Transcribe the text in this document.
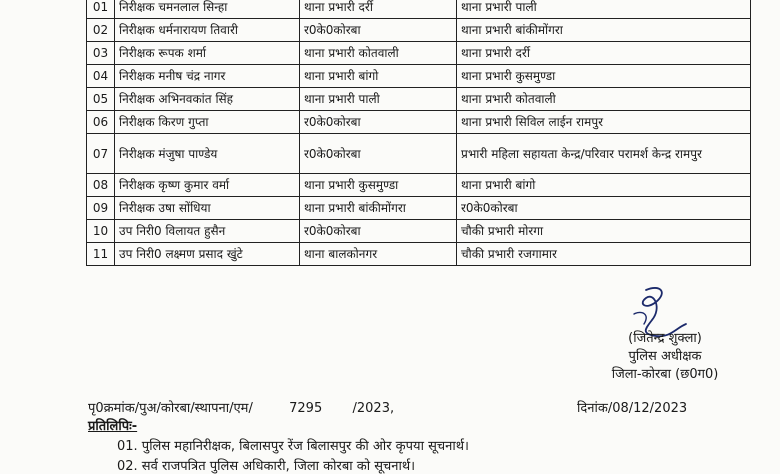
01	निरीक्षक चमनलाल सिन्हा	थाना प्रभारी दर्री	थाना प्रभारी पाली
02	निरीक्षक धर्मनारायण तिवारी	र0के0कोरबा	थाना प्रभारी बांकीमोंगरा
03	निरीक्षक रूपक शर्मा	थाना प्रभारी कोतवाली	थाना प्रभारी दर्री
04	निरीक्षक मनीष चंद्र नागर	थाना प्रभारी बांगो	थाना प्रभारी कुसमुण्डा
05	निरीक्षक अभिनवकांत सिंह	थाना प्रभारी पाली	थाना प्रभारी कोतवाली
06	निरीक्षक किरण गुप्ता	र0के0कोरबा	थाना प्रभारी सिविल लाईन रामपुर
07	निरीक्षक मंजुषा पाण्डेय	र0के0कोरबा	प्रभारी महिला सहायता केन्द्र/परिवार परामर्श केन्द्र रामपुर
08	निरीक्षक कृष्ण कुमार वर्मा	थाना प्रभारी कुसमुण्डा	थाना प्रभारी बांगो
09	निरीक्षक उषा सोंधिया	थाना प्रभारी बांकीमोंगरा	र0के0कोरबा
10	उप निरी0 विलायत हुसैन	र0के0कोरबा	चौकी प्रभारी मोरगा
11	उप निरी0 लक्ष्मण प्रसाद खुंटे	थाना बालकोनगर	चौकी प्रभारी रजगामार
(जितेन्द्र शुक्ला)
पुलिस अधीक्षक
जिला-कोरबा (छ0ग0)
पृ0क्रमांक/पुअ/कोरबा/स्थापना/एम/	7295 /2023,	दिनांक/08/12/2023
प्रतिलिपिः-
01. पुलिस महानिरीक्षक, बिलासपुर रेंज बिलासपुर की ओर कृपया सूचनार्थ।
02. सर्व राजपत्रित पुलिस अधिकारी, जिला कोरबा को सूचनार्थ।
